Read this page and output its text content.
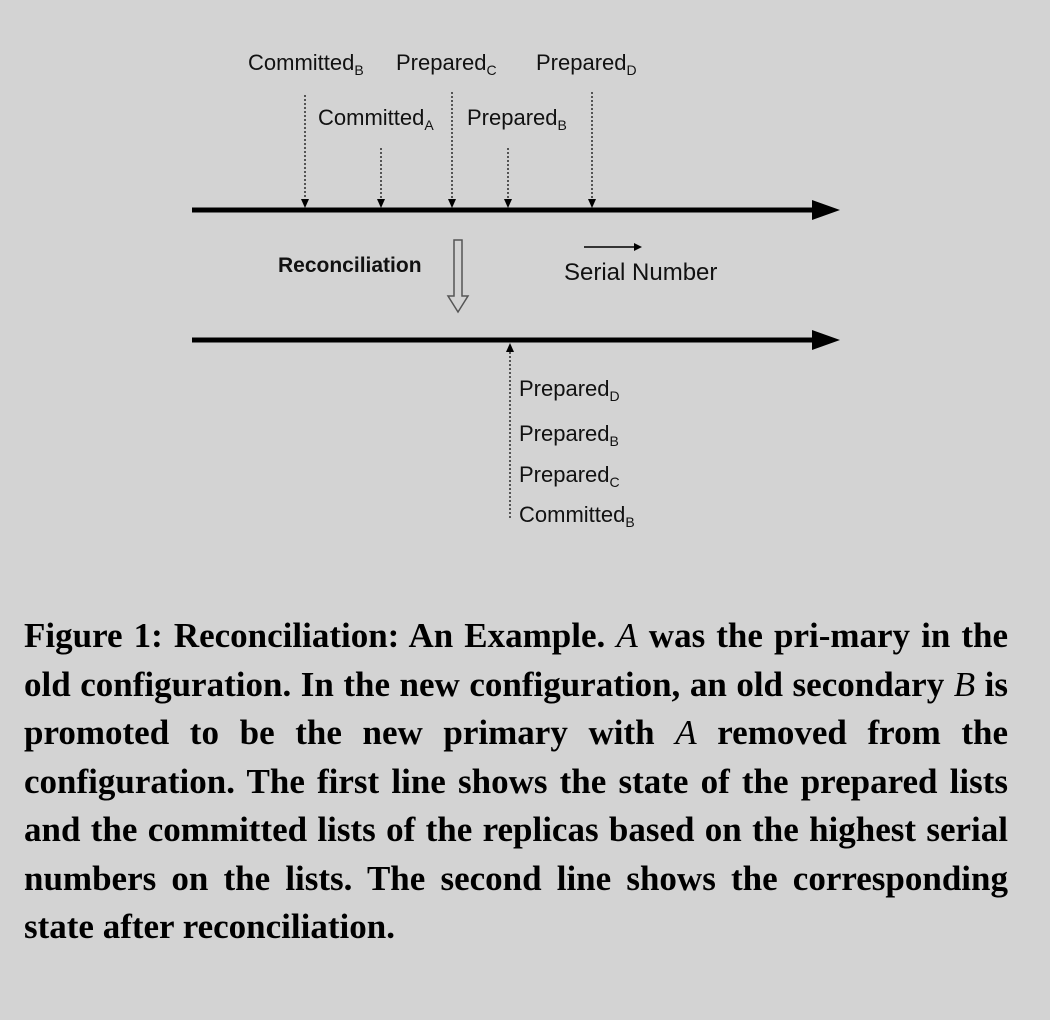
Committed$_B$ Prepared$_C$ Prepared$_D$
Committed$_A$ Prepared$_B$
Reconciliation	Serial Number
Prepared$_D$
Prepared$_B$
Prepared$_C$
Committed$_B$
Figure 1: Reconciliation: An Example. A was the pri-mary in the old configuration. In the new configuration, an old secondary B is promoted to be the new primary with A removed from the configuration. The first line shows the state of the prepared lists and the committed lists of the replicas based on the highest serial numbers on the lists. The second line shows the corresponding state after reconciliation.
